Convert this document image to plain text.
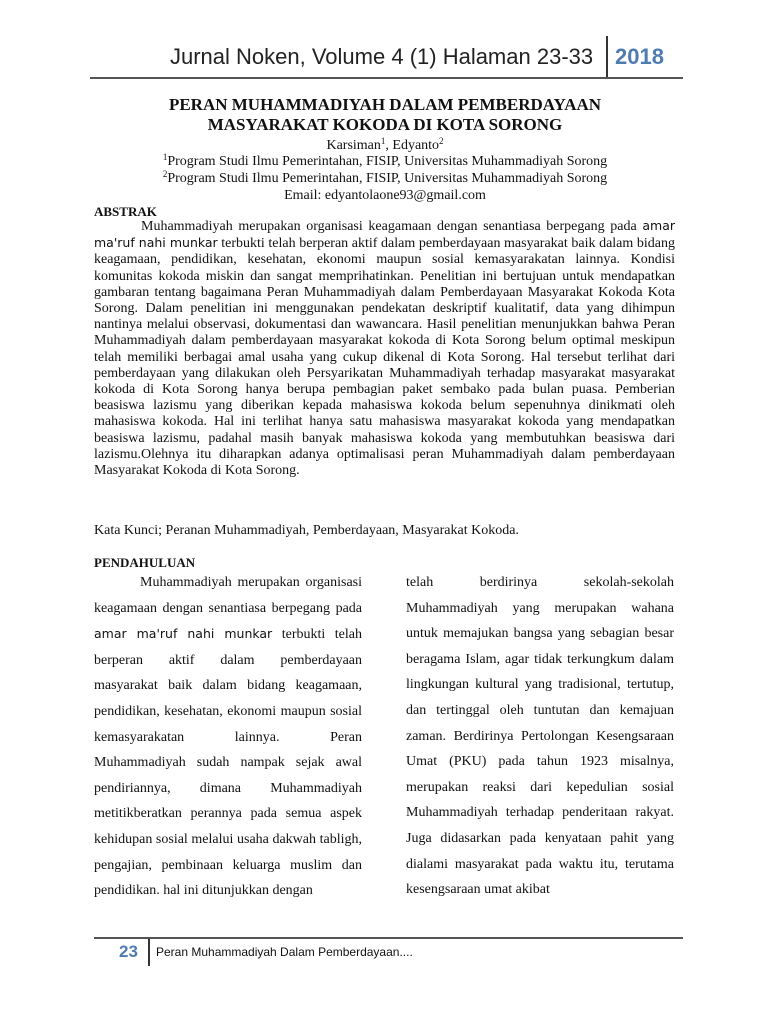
Jurnal Noken, Volume 4 (1) Halaman 23-33 2018
PERAN MUHAMMADIYAH DALAM PEMBERDAYAAN
MASYARAKAT KOKODA DI KOTA SORONG
Karsiman$^1$, Edyanto$^2$
$^1$Program Studi Ilmu Pemerintahan, FISIP, Universitas Muhammadiyah Sorong
$^2$Program Studi Ilmu Pemerintahan, FISIP, Universitas Muhammadiyah Sorong
Email: edyantolaone93@gmail.com
ABSTRAK

Muhammadiyah merupakan organisasi keagamaan dengan senantiasa berpegang pada amar ma'ruf nahi munkar terbukti telah berperan aktif dalam pemberdayaan masyarakat baik dalam bidang keagamaan, pendidikan, kesehatan, ekonomi maupun sosial kemasyarakatan lainnya. Kondisi komunitas kokoda miskin dan sangat memprihatinkan. Penelitian ini bertujuan untuk mendapatkan gambaran tentang bagaimana Peran Muhammadiyah dalam Pemberdayaan Masyarakat Kokoda Kota Sorong. Dalam penelitian ini menggunakan pendekatan deskriptif kualitatif, data yang dihimpun nantinya melalui observasi, dokumentasi dan wawancara. Hasil penelitian menunjukkan bahwa Peran Muhammadiyah dalam pemberdayaan masyarakat kokoda di Kota Sorong belum optimal meskipun telah memiliki berbagai amal usaha yang cukup dikenal di Kota Sorong. Hal tersebut terlihat dari pemberdayaan yang dilakukan oleh Persyarikatan Muhammadiyah terhadap masyarakat masyarakat kokoda di Kota Sorong hanya berupa pembagian paket sembako pada bulan puasa. Pemberian beasiswa lazismu yang diberikan kepada mahasiswa kokoda belum sepenuhnya dinikmati oleh mahasiswa kokoda. Hal ini terlihat hanya satu mahasiswa masyarakat kokoda yang mendapatkan beasiswa lazismu, padahal masih banyak mahasiswa kokoda yang membutuhkan beasiswa dari lazismu.Olehnya itu diharapkan adanya optimalisasi peran Muhammadiyah dalam pemberdayaan Masyarakat Kokoda di Kota Sorong.

Kata Kunci; Peranan Muhammadiyah, Pemberdayaan, Masyarakat Kokoda.
PENDAHULUAN

Muhammadiyah merupakan organisasi keagamaan dengan senantiasa berpegang pada amar ma'ruf nahi munkar terbukti telah berperan aktif dalam pemberdayaan masyarakat baik dalam bidang keagamaan, pendidikan, kesehatan, ekonomi maupun sosial kemasyarakatan lainnya. Peran Muhammadiyah sudah nampak sejak awal pendiriannya, dimana Muhammadiyah metitikberatkan perannya pada semua aspek kehidupan sosial melalui usaha dakwah tabligh, pengajian, pembinaan keluarga muslim dan pendidikan. hal ini ditunjukkan dengan

telah berdirinya sekolah-sekolah Muhammadiyah yang merupakan wahana untuk memajukan bangsa yang sebagian besar beragama Islam, agar tidak terkungkum dalam lingkungan kultural yang tradisional, tertutup, dan tertinggal oleh tuntutan dan kemajuan zaman. Berdirinya Pertolongan Kesengsaraan Umat (PKU) pada tahun 1923 misalnya, merupakan reaksi dari kepedulian sosial Muhammadiyah terhadap penderitaan rakyat. Juga didasarkan pada kenyataan pahit yang dialami masyarakat pada waktu itu, terutama kesengsaraan umat akibat

23 Peran Muhammadiyah Dalam Pemberdayaan....
